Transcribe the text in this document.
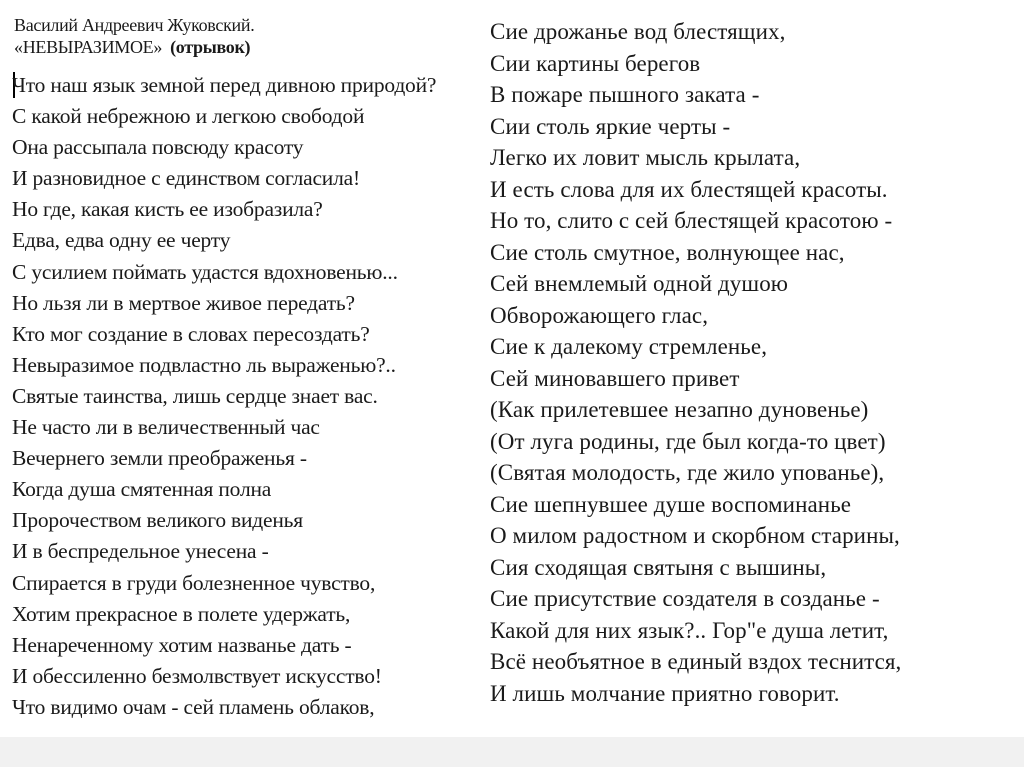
Василий Андреевич Жуковский.
«НЕВЫРАЗИМОЕ» (отрывок)
Что наш язык земной перед дивною природой?
С какой небрежною и легкою свободой
Она рассыпала повсюду красоту
И разновидное с единством согласила!
Но где, какая кисть ее изобразила?
Едва, едва одну ее черту
С усилием поймать удастся вдохновенью...
Но льзя ли в мертвое живое передать?
Кто мог создание в словах пересоздать?
Невыразимое подвластно ль выраженью?..
Святые таинства, лишь сердце знает вас.
Не часто ли в величественный час
Вечернего земли преображенья -
Когда душа смятенная полна
Пророчеством великого виденья
И в беспредельное унесена -
Спирается в груди болезненное чувство,
Хотим прекрасное в полете удержать,
Ненареченному хотим названье дать -
И обессиленно безмолвствует искусство!
Что видимо очам - сей пламень облаков,
Сие дрожанье вод блестящих,
Сии картины берегов
В пожаре пышного заката -
Сии столь яркие черты -
Легко их ловит мысль крылата,
И есть слова для их блестящей красоты.
Но то, слито с сей блестящей красотою -
Сие столь смутное, волнующее нас,
Сей внемлемый одной душою
Обворожающего глас,
Сие к далекому стремленье,
Сей миновавшего привет
(Как прилетевшее незапно дуновенье)
(От луга родины, где был когда-то цвет)
(Святая молодость, где жило упованье),
Сие шепнувшее душе воспоминанье
О милом радостном и скорбном старины,
Сия сходящая святыня с вышины,
Сие присутствие создателя в созданье -
Какой для них язык?.. Гор"е душа летит,
Всё необъятное в единый вздох теснится,
И лишь молчание приятно говорит.
